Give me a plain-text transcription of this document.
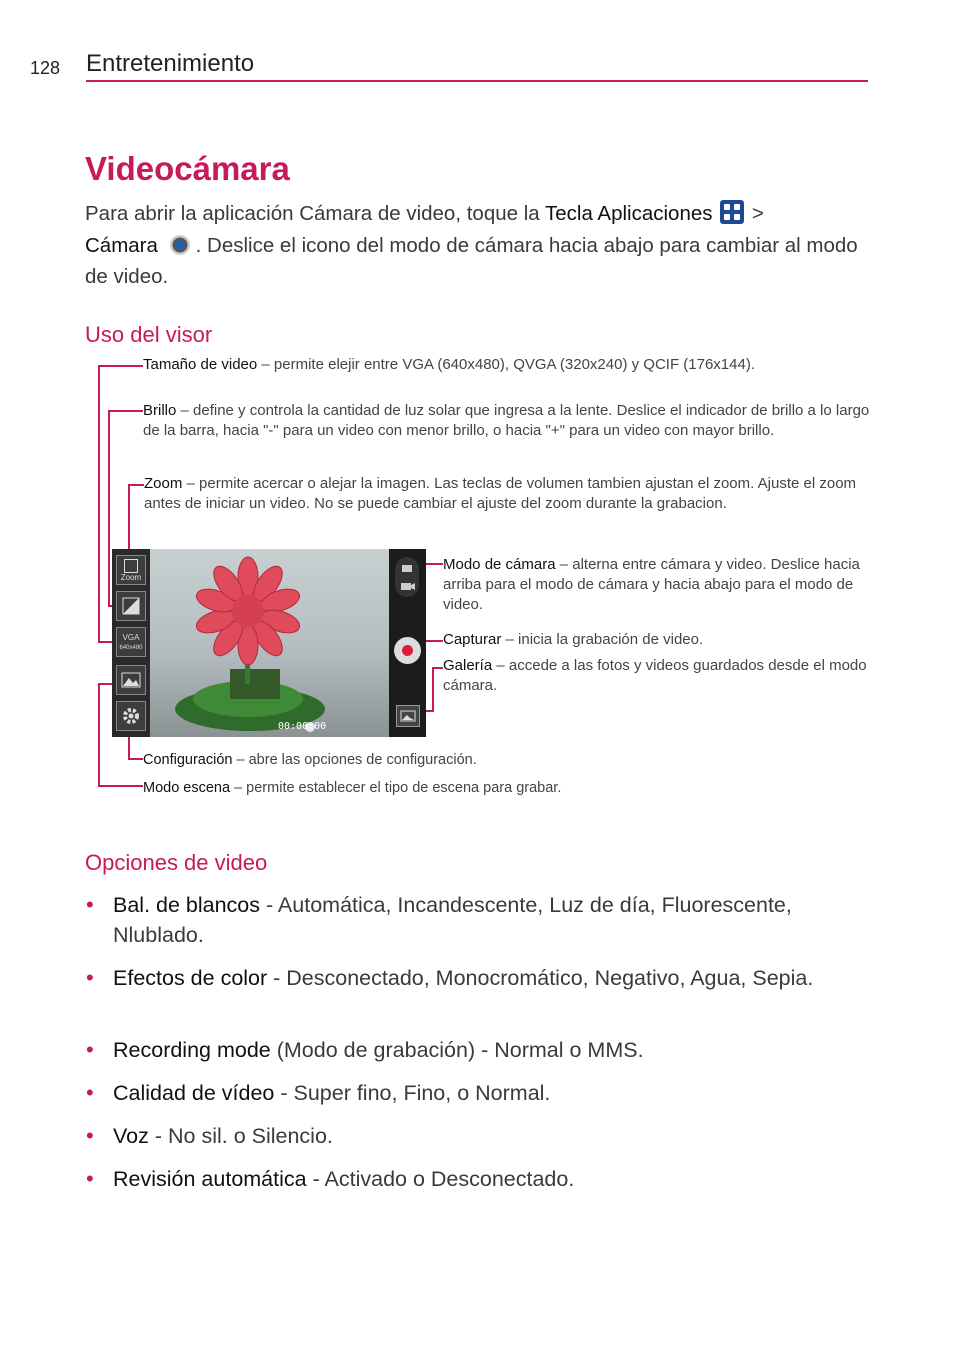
128 Entretenimiento
Videocámara
Para abrir la aplicación Cámara de video, toque la Tecla Aplicaciones
>
Cámara . Deslice el icono del modo de cámara hacia abajo para cambiar al modo de video.
Uso del visor
Tamaño de video – permite elejir entre VGA (640x480), QVGA (320x240) y QCIF (176x144).
Brillo – define y controla la cantidad de luz solar que ingresa a la lente. Deslice el indicador de brillo a lo largo de la barra, hacia "-" para un video con menor brillo, o hacia "+" para un video con mayor brillo.
Zoom – permite acercar o alejar la imagen. Las teclas de volumen tambien ajustan el zoom. Ajuste el zoom antes de iniciar un video. No se puede cambiar el ajuste del zoom durante la grabacion.
Modo de cámara – alterna entre cámara y video. Deslice hacia arriba para el modo de cámara y hacia abajo para el modo de video.
Capturar – inicia la grabación de video.
Galería – accede a las fotos y videos guardados desde el modo cámara.
Configuración – abre las opciones de configuración.
Modo escena – permite establecer el tipo de escena para grabar.
00:00:00
Zoom
VGA
640x480
Opciones de video
• Bal. de blancos - Automática, Incandescente, Luz de día, Fluorescente, Nlublado.
• Efectos de color - Desconectado, Monocromático, Negativo, Agua, Sepia.
• Recording mode (Modo de grabación) - Normal o MMS.
• Calidad de vídeo - Super fino, Fino, o Normal.
• Voz - No sil. o Silencio.
• Revisión automática - Activado o Desconectado.
